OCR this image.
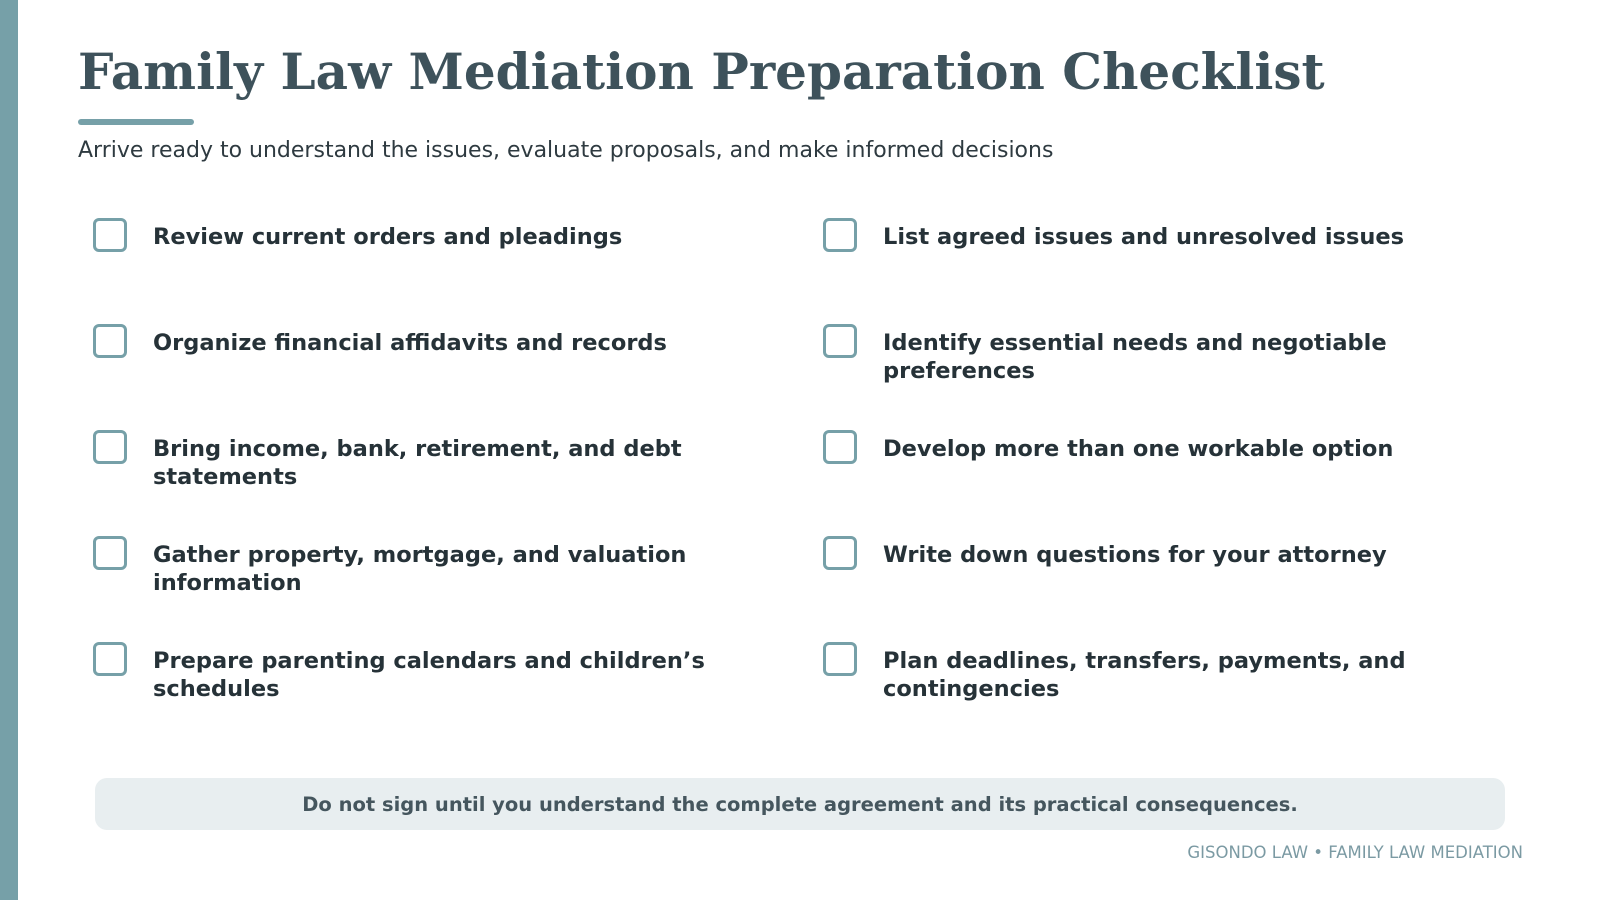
Family Law Mediation Preparation Checklist
Arrive ready to understand the issues, evaluate proposals, and make informed decisions
Review current orders and pleadings
Organize financial affidavits and records
Bring income, bank, retirement, and debt statements
Gather property, mortgage, and valuation information
Prepare parenting calendars and children’s schedules
List agreed issues and unresolved issues
Identify essential needs and negotiable preferences
Develop more than one workable option
Write down questions for your attorney
Plan deadlines, transfers, payments, and contingencies
Do not sign until you understand the complete agreement and its practical consequences.
GISONDO LAW • FAMILY LAW MEDIATION
